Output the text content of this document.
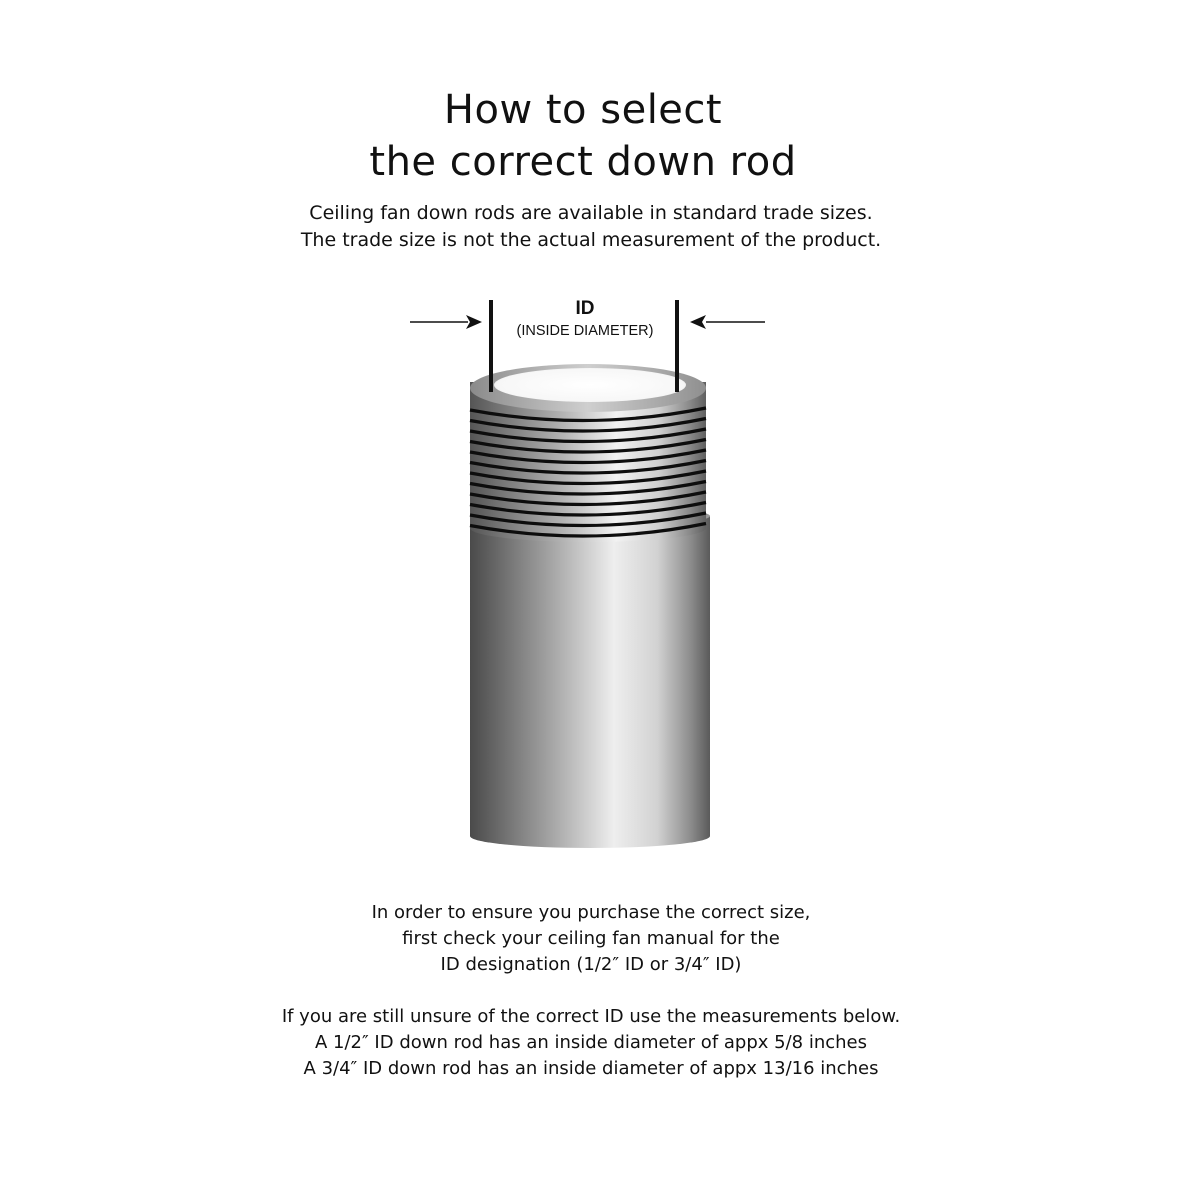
How to select
the correct down rod
Ceiling fan down rods are available in standard trade sizes.
The trade size is not the actual measurement of the product.
ID
(INSIDE DIAMETER)
In order to ensure you purchase the correct size,
first check your ceiling fan manual for the
ID designation (1/2″ ID or 3/4″ ID)
If you are still unsure of the correct ID use the measurements below.
A 1/2″ ID down rod has an inside diameter of appx 5/8 inches
A 3/4″ ID down rod has an inside diameter of appx 13/16 inches
